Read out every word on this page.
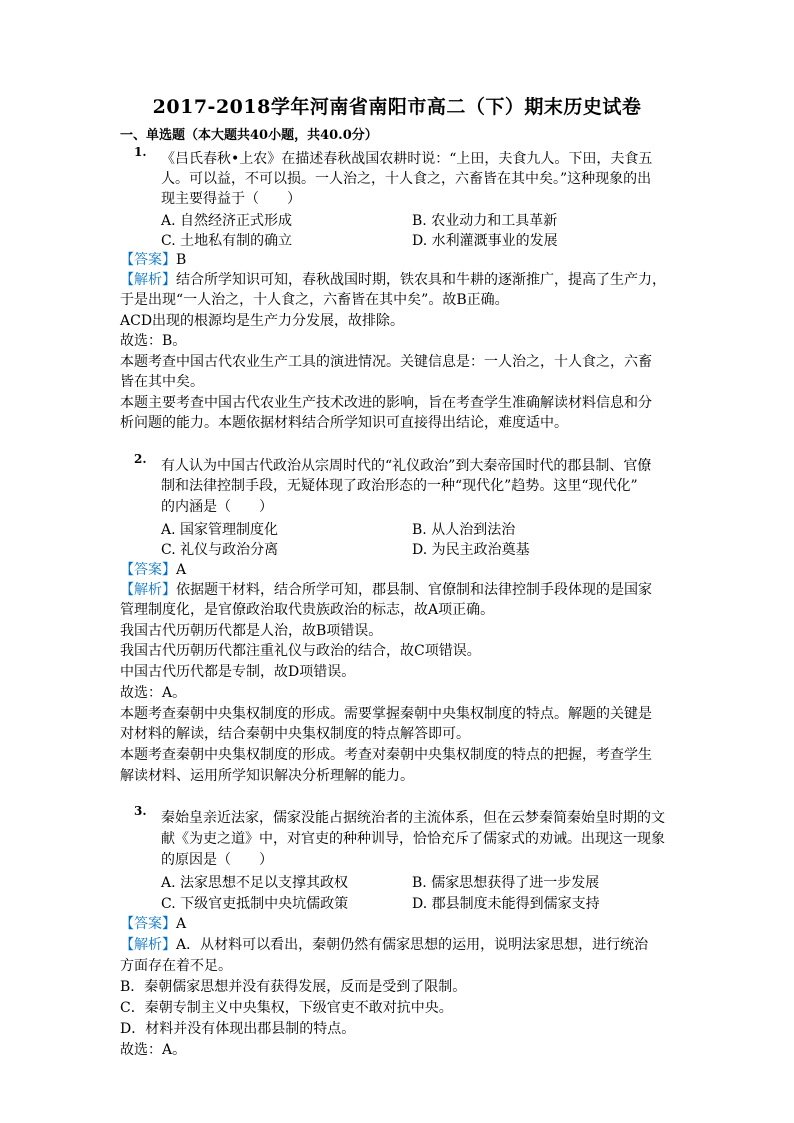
2017-2018学年河南省南阳市高二（下）期末历史试卷
一、单选题（本大题共40小题，共40.0分）
1. 《吕氏春秋•上农》在描述春秋战国农耕时说：“上田，夫食九人。下田，夫食五
人。可以益，不可以损。一人治之，十人食之，六畜皆在其中矣。”这种现象的出
现主要得益于（　　）
A. 自然经济正式形成	B. 农业动力和工具革新
C. 土地私有制的确立	D. 水利灌溉事业的发展
【答案】B
【解析】结合所学知识可知，春秋战国时期，铁农具和牛耕的逐渐推广，提高了生产力，
于是出现“一人治之，十人食之，六畜皆在其中矣”。故B正确。
ACD出现的根源均是生产力分发展，故排除。
故选：B。
本题考查中国古代农业生产工具的演进情况。关键信息是：一人治之，十人食之，六畜
皆在其中矣。
本题主要考查中国古代农业生产技术改进的影响，旨在考查学生准确解读材料信息和分
析问题的能力。本题依据材料结合所学知识可直接得出结论，难度适中。
2. 有人认为中国古代政治从宗周时代的“礼仪政治”到大秦帝国时代的郡县制、官僚
制和法律控制手段，无疑体现了政治形态的一种“现代化”趋势。这里“现代化”
的内涵是（　　）
A. 国家管理制度化	B. 从人治到法治
C. 礼仪与政治分离	D. 为民主政治奠基
【答案】A
【解析】依据题干材料，结合所学可知，郡县制、官僚制和法律控制手段体现的是国家
管理制度化，是官僚政治取代贵族政治的标志，故A项正确。
我国古代历朝历代都是人治，故B项错误。
我国古代历朝历代都注重礼仪与政治的结合，故C项错误。
中国古代历代都是专制，故D项错误。
故选：A。
本题考查秦朝中央集权制度的形成。需要掌握秦朝中央集权制度的特点。解题的关键是
对材料的解读，结合秦朝中央集权制度的特点解答即可。
本题考查秦朝中央集权制度的形成。考查对秦朝中央集权制度的特点的把握，考查学生
解读材料、运用所学知识解决分析理解的能力。
3. 秦始皇亲近法家，儒家没能占据统治者的主流体系，但在云梦秦简秦始皇时期的文
献《为吏之道》中，对官吏的种种训导，恰恰充斥了儒家式的劝诫。出现这一现象
的原因是（　　）
A. 法家思想不足以支撑其政权	B. 儒家思想获得了进一步发展
C. 下级官吏抵制中央坑儒政策	D. 郡县制度未能得到儒家支持
【答案】A
【解析】A．从材料可以看出，秦朝仍然有儒家思想的运用，说明法家思想，进行统治
方面存在着不足。
B．秦朝儒家思想并没有获得发展，反而是受到了限制。
C．秦朝专制主义中央集权，下级官吏不敢对抗中央。
D．材料并没有体现出郡县制的特点。
故选：A。
